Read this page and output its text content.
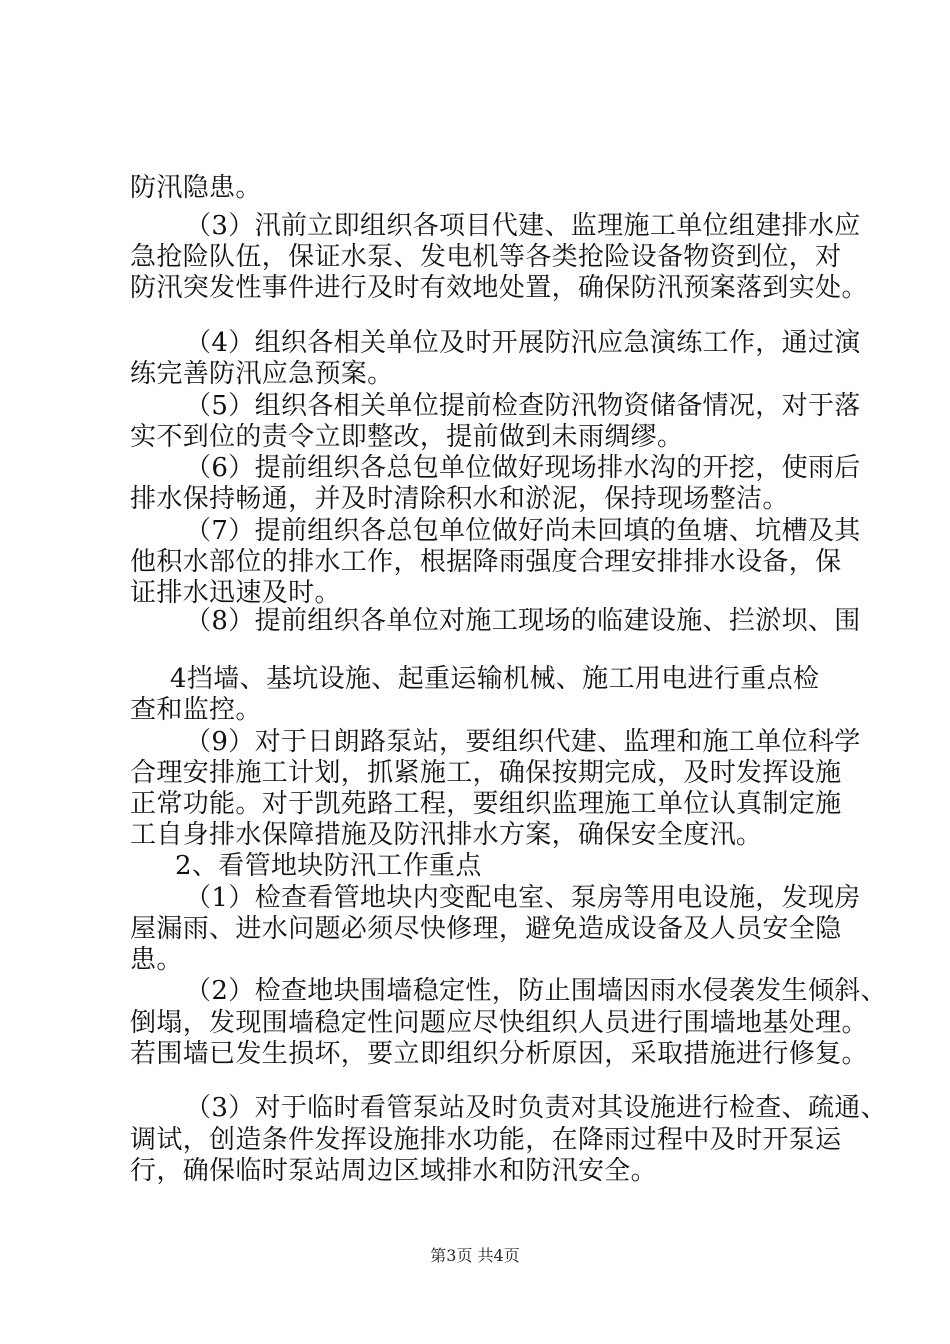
防汛隐患。
（3）汛前立即组织各项目代建、监理施工单位组建排水应
急抢险队伍，保证水泵、发电机等各类抢险设备物资到位，对
防汛突发性事件进行及时有效地处置，确保防汛预案落到实处。
（4）组织各相关单位及时开展防汛应急演练工作，通过演
练完善防汛应急预案。
（5）组织各相关单位提前检查防汛物资储备情况，对于落
实不到位的责令立即整改，提前做到未雨绸缪。
（6）提前组织各总包单位做好现场排水沟的开挖，使雨后
排水保持畅通，并及时清除积水和淤泥，保持现场整洁。
（7）提前组织各总包单位做好尚未回填的鱼塘、坑槽及其
他积水部位的排水工作，根据降雨强度合理安排排水设备，保
证排水迅速及时。
（8）提前组织各单位对施工现场的临建设施、拦淤坝、围
4挡墙、基坑设施、起重运输机械、施工用电进行重点检
查和监控。
（9）对于日朗路泵站，要组织代建、监理和施工单位科学
合理安排施工计划，抓紧施工，确保按期完成，及时发挥设施
正常功能。对于凯苑路工程，要组织监理施工单位认真制定施
工自身排水保障措施及防汛排水方案，确保安全度汛。
2、看管地块防汛工作重点
（1）检查看管地块内变配电室、泵房等用电设施，发现房
屋漏雨、进水问题必须尽快修理，避免造成设备及人员安全隐
患。
（2）检查地块围墙稳定性，防止围墙因雨水侵袭发生倾斜、
倒塌，发现围墙稳定性问题应尽快组织人员进行围墙地基处理。
若围墙已发生损坏，要立即组织分析原因，采取措施进行修复。
（3）对于临时看管泵站及时负责对其设施进行检查、疏通、
调试，创造条件发挥设施排水功能，在降雨过程中及时开泵运
行，确保临时泵站周边区域排水和防汛安全。
第3页 共4页
